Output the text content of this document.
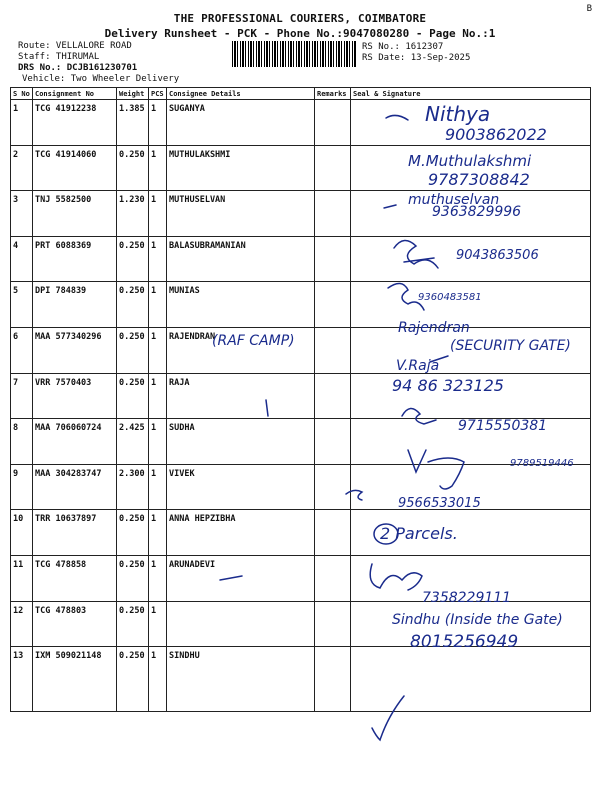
B
THE PROFESSIONAL COURIERS, COIMBATORE
Delivery Runsheet - PCK - Phone No.:9047080280 - Page No.:1
Route: VELLALORE ROAD
Staff: THIRUMAL
DRS No.: DCJB161230701
Vehicle: Two Wheeler Delivery
RS No.: 1612307
RS Date: 13-Sep-2025
S No	Consignment No	Weight	PCS	Consignee Details	Remarks	Seal & Signature
1	TCG 41912238	1.385	1	SUGANYA		
2	TCG 41914060	0.250	1	MUTHULAKSHMI		
3	TNJ 5582500	1.230	1	MUTHUSELVAN		
4	PRT 6088369	0.250	1	BALASUBRAMANIAN		
5	DPI 784839	0.250	1	MUNIAS		
6	MAA 577340296	0.250	1	RAJENDRAN		
7	VRR 7570403	0.250	1	RAJA		
8	MAA 706060724	2.425	1	SUDHA		
9	MAA 304283747	2.300	1	VIVEK		
10	TRR 10637897	0.250	1	ANNA HEPZIBHA		
11	TCG 478858	0.250	1	ARUNADEVI		
12	TCG 478803	0.250	1			
13	IXM 509021148	0.250	1	SINDHU		
Nithya
9003862022
M.Muthulakshmi
9787308842
muthuselvan
9363829996
9043863506
9360483581
(RAF CAMP)
Rajendran
(SECURITY GATE)
V.Raja
94 86 323125
9715550381
9789519446
9566533015
2 Parcels.
7358229111
Sindhu (Inside the Gate)
8015256949
